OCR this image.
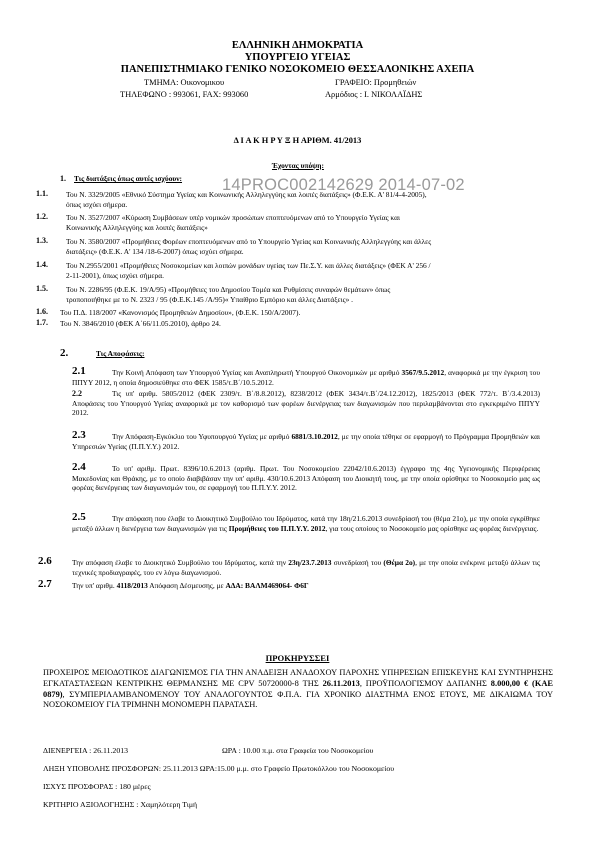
ΕΛΛΗΝΙΚΗ ΔΗΜΟΚΡΑΤΙΑ
ΥΠΟΥΡΓΕΙΟ ΥΓΕΙΑΣ
ΠΑΝΕΠΙΣΤΗΜΙΑΚΟ ΓΕΝΙΚΟ ΝΟΣΟΚΟΜΕΙΟ ΘΕΣΣΑΛΟΝΙΚΗΣ ΑΧΕΠΑ
ΤΜΗΜΑ: Οικονομικου	ΓΡΑΦΕΙΟ: Προμηθειών
ΤΗΛΕΦΩΝΟ : 993061, FAX: 993060	Αρμόδιος : Ι. ΝΙΚΟΛΑΪΔΗΣ
Δ Ι Α Κ Η Ρ Υ Ξ Η ΑΡΙΘΜ. 41/2013
Έχοντας υπόψη:
14PROC002142629 2014-07-02
1. Τις διατάξεις όπως αυτές ισχύουν:
1.1. Του Ν. 3329/2005 «Εθνικό Σύστημα Υγείας και Κοινωνικής Αλληλεγγύης και λοιπές διατάξεις» (Φ.Ε.Κ. Α' 81/4-4-2005),
όπως ισχύει σήμερα.
1.2. Του Ν. 3527/2007 «Κύρωση Συμβάσεων υπέρ νομικών προσώπων εποπτευόμενων από το Υπουργείο Υγείας και
Κοινωνικής Αλληλεγγύης και λοιπές διατάξεις»
1.3. Του Ν. 3580/2007 «Προμήθειες Φορέων εποπτευόμενων από το Υπουργείο Υγείας και Κοινωνικής Αλληλεγγύης και άλλες
διατάξεις» (Φ.Ε.Κ. Α' 134 /18-6-2007) όπως ισχύει σήμερα.
1.4. Του Ν.2955/2001 «Προμήθειες Νοσοκομείων και λοιπών μονάδων υγείας των Πε.Σ.Υ. και άλλες διατάξεις» (ΦΕΚ Α' 256 /
2-11-2001), όπως ισχύει σήμερα.
1.5. Του Ν. 2286/95 (Φ.Ε.Κ. 19/Α/95) «Προμήθειες του Δημοσίου Τομέα και Ρυθμίσεις συναφών θεμάτων» όπως
τροποποιήθηκε με το Ν. 2323 / 95 (Φ.Ε.Κ.145 /Α/95)« Υπαίθριο Εμπόριο και άλλες Διατάξεις» .
1.6. Του Π.Δ. 118/2007 «Κανονισμός Προμηθειών Δημοσίου», (Φ.Ε.Κ. 150/Α/2007).
1.7. Του Ν. 3846/2010 (ΦΕΚ Α΄66/11.05.2010), άρθρο 24.
2.	Τις Αποφάσεις:
2.1	Την Κοινή Απόφαση των Υπουργού Υγείας και Αναπληρωτή Υπουργού Οικονομικών με αριθμό 3567/9.5.2012, αναφορικά με την έγκριση του ΠΠΥΥ 2012, η οποία δημοσιεύθηκε στο ΦΕΚ 1585/τ.Β΄/10.5.2012.
2.2	Τις υπ' αριθμ. 5805/2012 (ΦΕΚ 2309/τ. Β΄/8.8.2012), 8238/2012 (ΦΕΚ 3434/τ.Β΄/24.12.2012), 1825/2013 (ΦΕΚ 772/τ. Β΄/3.4.2013) Αποφάσεις του Υπουργού Υγείας αναφορικά με τον καθορισμό των φορέων διενέργειας των διαγωνισμών που περιλαμβάνονται στο εγκεκριμένο ΠΠΥΥ 2012.
2.3	Την Απόφαση-Εγκύκλιο του Υφυπουργού Υγείας με αριθμό 6881/3.10.2012, με την οποία τέθηκε σε εφαρμογή το Πρόγραμμα Προμηθειών και Υπηρεσιών Υγείας (Π.Π.Υ.Υ.) 2012.
2.4	Το υπ' αριθμ. Πρωτ. 8396/10.6.2013 (αριθμ. Πρωτ. Του Νοσοκομείου 22042/10.6.2013) έγγραφο της 4ης Υγειονομικής Περιφέρειας Μακεδονίας και Θράκης, με το οποίο διαβιβάσαν την υπ' αριθμ. 430/10.6.2013 Απόφαση του Διοικητή τους, με την οποία ορίσθηκε το Νοσοκομείο μας ως φορέας διενέργειας των διαγωνισμών του, σε εφαρμογή του Π.Π.Υ.Υ. 2012.
2.5	Την απόφαση που έλαβε το Διοικητικό Συμβούλιο του Ιδρύματος, κατά την 18η/21.6.2013 συνεδρίασή του (θέμα 21ο), με την οποία εγκρίθηκε μεταξύ άλλων η διενέργεια των διαγωνισμών για τις Προμήθειες του Π.Π.Υ.Υ. 2012, για τους οποίους το Νοσοκομείο μας ορίσθηκε ως φορέας διενέργειας.
2.6	Την απόφαση έλαβε το Διοικητικό Συμβούλιο του Ιδρύματος, κατά την 23η/23.7.2013 συνεδρίασή του (Θέμα 2ο), με την οποία ενέκρινε μεταξύ άλλων τις τεχνικές προδιαγραφές, του εν λόγω διαγωνισμού.
2.7	Την υπ' αριθμ. 4118/2013 Απόφαση Δέσμευσης, με ΑΔΑ: ΒΑΛΜ469064- Φ6Γ
ΠΡΟΚΗΡΥΣΣΕΙ
ΠΡΟΧΕΙΡΟΣ ΜΕΙΟΔΟΤΙΚΟΣ ΔΙΑΓΩΝΙΣΜΟΣ ΓΙΑ ΤΗΝ ΑΝΑΔΕΙΞΗ ΑΝΑΔΟΧΟΥ ΠΑΡΟΧΗΣ ΥΠΗΡΕΣΙΩΝ ΕΠΙΣΚΕΥΗΣ ΚΑΙ ΣΥΝΤΗΡΗΣΗΣ ΕΓΚΑΤΑΣΤΑΣΕΩΝ ΚΕΝΤΡΙΚΗΣ ΘΕΡΜΑΝΣΗΣ ΜΕ CPV 50720000-8 ΤΗΣ 26.11.2013, ΠΡΟΫΠΟΛΟΓΙΣΜΟΥ ΔΑΠΑΝΗΣ 8.000,00 € (ΚΑΕ 0879), ΣΥΜΠΕΡΙΛΑΜΒΑΝΟΜΕΝΟΥ ΤΟΥ ΑΝΑΛΟΓΟΥΝΤΟΣ Φ.Π.Α. ΓΙΑ ΧΡΟΝΙΚΟ ΔΙΑΣΤΗΜΑ ΕΝΟΣ ΕΤΟΥΣ, ΜΕ ΔΙΚΑΙΩΜΑ ΤΟΥ ΝΟΣΟΚΟΜΕΙΟΥ ΓΙΑ ΤΡΙΜΗΝΗ ΜΟΝΟΜΕΡΗ ΠΑΡΑΤΑΣΗ.
ΔΙΕΝΕΡΓΕΙΑ : 26.11.2013	ΩΡΑ : 10.00 π.μ. στα Γραφεία του Νοσοκομείου
ΛΗΞΗ ΥΠΟΒΟΛΗΣ ΠΡΟΣΦΟΡΩΝ: 25.11.2013 ΩΡΑ:15.00 μ.μ. στο Γραφείο Πρωτοκόλλου του Νοσοκομείου
ΙΣΧΥΣ ΠΡΟΣΦΟΡΑΣ : 180 μέρες
ΚΡΙΤΗΡΙΟ ΑΞΙΟΛΟΓΗΣΗΣ : Χαμηλότερη Τιμή
